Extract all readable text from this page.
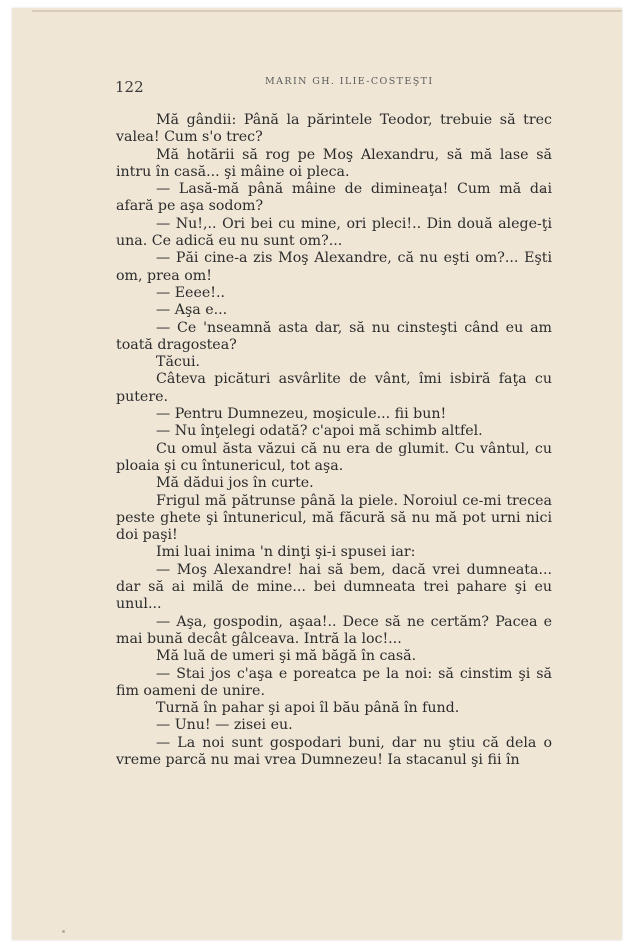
122	MARIN GH. ILIE-COSTEŞTI

Mă gândii: Până la părintele Teodor, trebuie să trec valea! Cum s'o trec?

Mă hotării să rog pe Moş Alexandru, să mă lase să intru în casă... şi mâine oi pleca.

— Lasă-mă până mâine de dimineaţa! Cum mă dai afară pe aşa sodom?

— Nu!,.. Ori bei cu mine, ori pleci!.. Din două alege-ţi una. Ce adică eu nu sunt om?...

— Păi cine-a zis Moş Alexandre, că nu eşti om?... Eşti om, prea om!

— Eeee!..

— Aşa e...

— Ce 'nseamnă asta dar, să nu cinsteşti când eu am toată dragostea?

Tăcui.

Câteva picături asvârlite de vânt, îmi isbiră faţa cu putere.

— Pentru Dumnezeu, moşicule... fii bun!

— Nu înţelegi odată? c'apoi mă schimb altfel.

Cu omul ăsta văzui că nu era de glumit. Cu vântul, cu ploaia şi cu întunericul, tot aşa.

Mă dădui jos în curte.

Frigul mă pătrunse până la piele. Noroiul ce-mi trecea peste ghete şi întunericul, mă făcură să nu mă pot urni nici doi paşi!

Imi luai inima 'n dinţi şi-i spusei iar:

— Moş Alexandre! hai să bem, dacă vrei dumneata... dar să ai milă de mine... bei dumneata trei pahare şi eu unul...

— Aşa, gospodin, aşaa!.. Dece să ne certăm? Pacea e mai bună decât gâlceava. Intră la loc!...

Mă luă de umeri şi mă băgă în casă.

— Stai jos c'aşa e poreatca pe la noi: să cinstim şi să fim oameni de unire.

Turnă în pahar şi apoi îl bău până în fund.

— Unu! — zisei eu.

— La noi sunt gospodari buni, dar nu ştiu că dela o vreme parcă nu mai vrea Dumnezeu! Ia stacanul şi fii în
